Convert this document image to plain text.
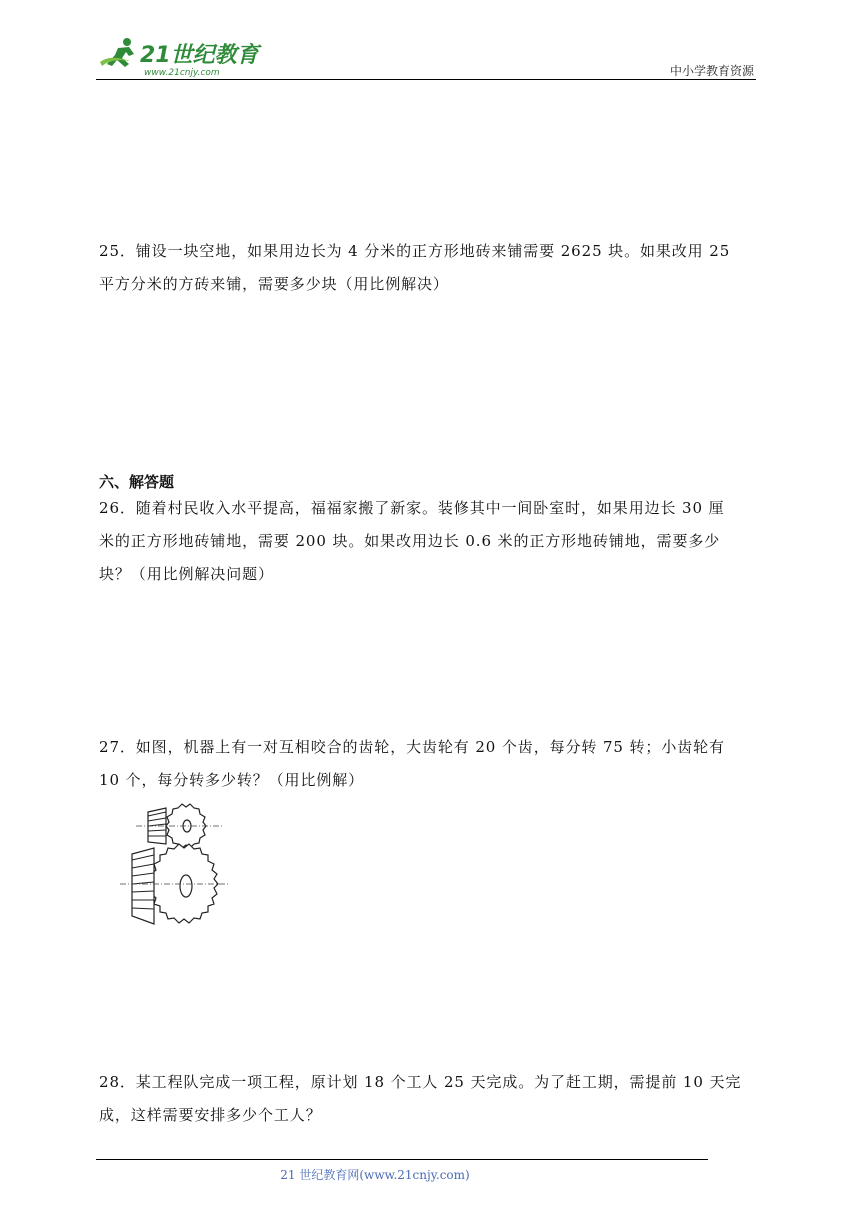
21世纪教育
www.21cnjy.com	中小学教育资源
25．铺设一块空地，如果用边长为 4 分米的正方形地砖来铺需要 2625 块。如果改用 25
平方分米的方砖来铺，需要多少块（用比例解决）
六、解答题
26．随着村民收入水平提高，福福家搬了新家。装修其中一间卧室时，如果用边长 30 厘
米的正方形地砖铺地，需要 200 块。如果改用边长 0.6 米的正方形地砖铺地，需要多少
块？（用比例解决问题）
27．如图，机器上有一对互相咬合的齿轮，大齿轮有 20 个齿，每分转 75 转；小齿轮有
10 个，每分转多少转？（用比例解）
28．某工程队完成一项工程，原计划 18 个工人 25 天完成。为了赶工期，需提前 10 天完
成，这样需要安排多少个工人？
21 世纪教育网(www.21cnjy.com)
